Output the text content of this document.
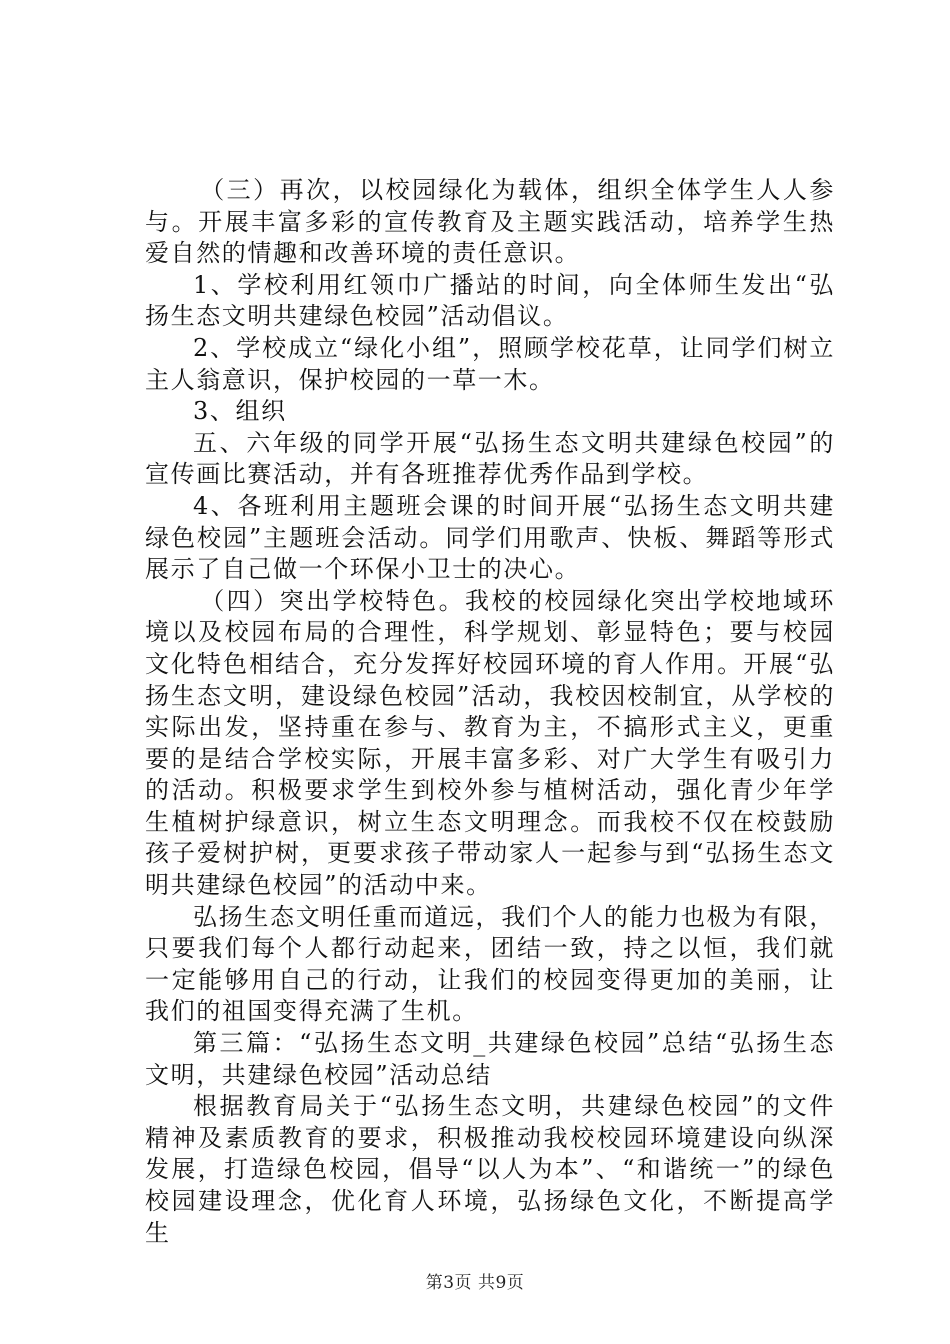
（三）再次，以校园绿化为载体，组织全体学生人人参与。开展丰富多彩的宣传教育及主题实践活动，培养学生热爱自然的情趣和改善环境的责任意识。

1、学校利用红领巾广播站的时间，向全体师生发出“弘扬生态文明共建绿色校园”活动倡议。

2、学校成立“绿化小组”，照顾学校花草，让同学们树立主人翁意识，保护校园的一草一木。

3、组织

五、六年级的同学开展“弘扬生态文明共建绿色校园”的宣传画比赛活动，并有各班推荐优秀作品到学校。

4、各班利用主题班会课的时间开展“弘扬生态文明共建绿色校园”主题班会活动。同学们用歌声、快板、舞蹈等形式展示了自己做一个环保小卫士的决心。

（四）突出学校特色。我校的校园绿化突出学校地域环境以及校园布局的合理性，科学规划、彰显特色；要与校园文化特色相结合，充分发挥好校园环境的育人作用。开展“弘扬生态文明，建设绿色校园”活动，我校因校制宜，从学校的实际出发，坚持重在参与、教育为主，不搞形式主义，更重要的是结合学校实际，开展丰富多彩、对广大学生有吸引力的活动。积极要求学生到校外参与植树活动，强化青少年学生植树护绿意识，树立生态文明理念。而我校不仅在校鼓励孩子爱树护树，更要求孩子带动家人一起参与到“弘扬生态文明共建绿色校园”的活动中来。

弘扬生态文明任重而道远，我们个人的能力也极为有限，只要我们每个人都行动起来，团结一致，持之以恒，我们就一定能够用自己的行动，让我们的校园变得更加的美丽，让我们的祖国变得充满了生机。

第三篇：“弘扬生态文明_共建绿色校园”总结“弘扬生态文明，共建绿色校园”活动总结

根据教育局关于“弘扬生态文明，共建绿色校园”的文件精神及素质教育的要求，积极推动我校校园环境建设向纵深发展，打造绿色校园，倡导“以人为本”、“和谐统一”的绿色校园建设理念，优化育人环境，弘扬绿色文化，不断提高学生

第3页 共9页
